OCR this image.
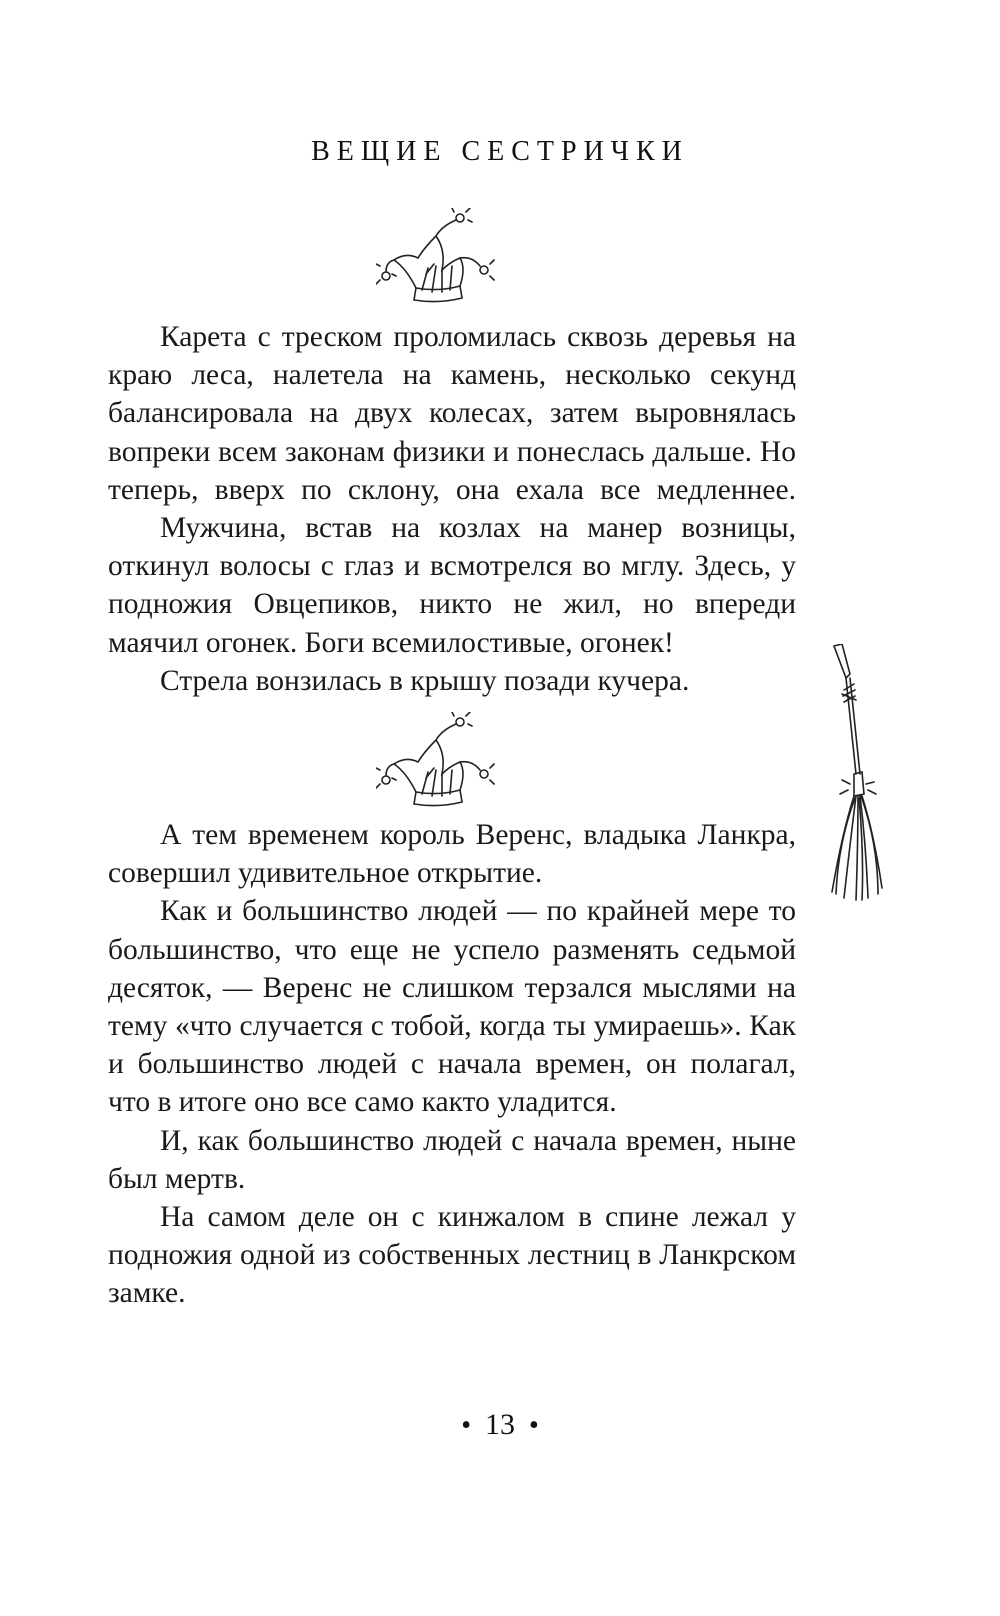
ВЕЩИЕ СЕСТРИЧКИ

Карета с треском проломилась сквозь деревья на краю леса, налетела на камень, несколько секунд балансировала на двух колесах, затем выровнялась вопреки всем законам физики и понеслась дальше. Но теперь, вверх по склону, она ехала все медленнее.

Мужчина, встав на козлах на манер возницы, откинул волосы с глаз и всмотрелся во мглу. Здесь, у подножия Овцепиков, никто не жил, но впереди маячил огонек. Боги всемилостивые, огонек!

Стрела вонзилась в крышу позади кучера.

А тем временем король Веренс, владыка Ланкра, совершил удивительное открытие.

Как и большинство людей — по крайней мере то большинство, что еще не успело разменять седьмой десяток, — Веренс не слишком терзался мыслями на тему «что случается с тобой, когда ты умираешь». Как и большинство людей с начала времен, он полагал, что в итоге оно все само както уладится.

И, как большинство людей с начала времен, ныне был мертв.

На самом деле он с кинжалом в спине лежал у подножия одной из собственных лестниц в Ланкрском замке.

• 13 •
